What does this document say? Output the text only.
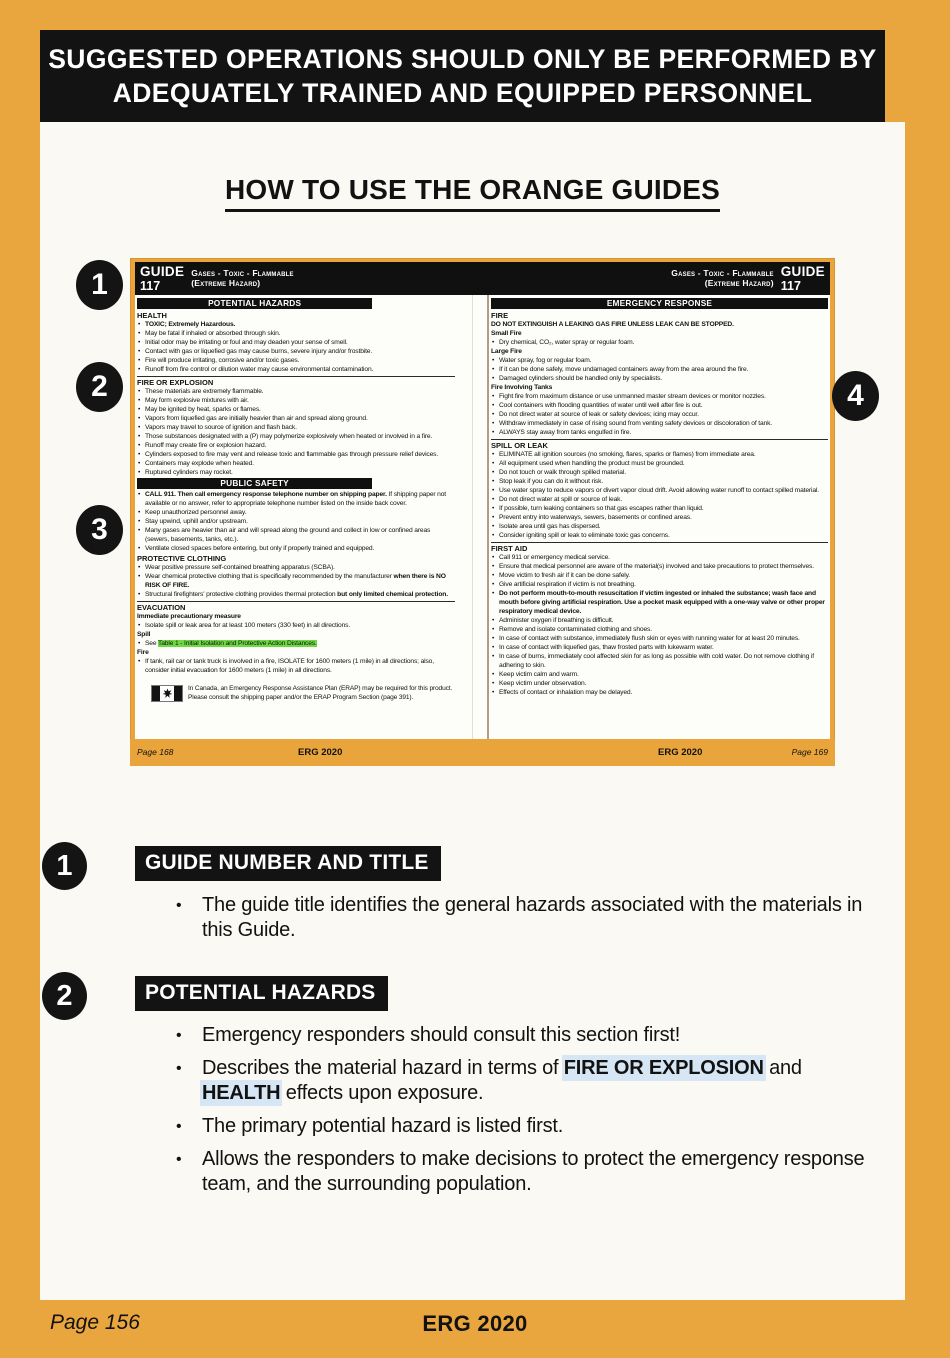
SUGGESTED OPERATIONS SHOULD ONLY BE PERFORMED BY
ADEQUATELY TRAINED AND EQUIPPED PERSONNEL
HOW TO USE THE ORANGE GUIDES
GUIDE
117
Gases - Toxic - Flammable
(Extreme Hazard)
Gases - Toxic - Flammable
(Extreme Hazard)
GUIDE
117
POTENTIAL HAZARDS
HEALTH
• TOXIC; Extremely Hazardous.
• May be fatal if inhaled or absorbed through skin.
• Initial odor may be irritating or foul and may deaden your sense of smell.
• Contact with gas or liquefied gas may cause burns, severe injury and/or frostbite.
• Fire will produce irritating, corrosive and/or toxic gases.
• Runoff from fire control or dilution water may cause environmental contamination.
FIRE OR EXPLOSION
• These materials are extremely flammable.
• May form explosive mixtures with air.
• May be ignited by heat, sparks or flames.
• Vapors from liquefied gas are initially heavier than air and spread along ground.
• Vapors may travel to source of ignition and flash back.
• Those substances designated with a (P) may polymerize explosively when heated or involved in a fire.
• Runoff may create fire or explosion hazard.
• Cylinders exposed to fire may vent and release toxic and flammable gas through pressure relief devices.
• Containers may explode when heated.
• Ruptured cylinders may rocket.
PUBLIC SAFETY
• CALL 911. Then call emergency response telephone number on shipping paper. If shipping paper not available or no answer, refer to appropriate telephone number listed on the inside back cover.
• Keep unauthorized personnel away.
• Stay upwind, uphill and/or upstream.
• Many gases are heavier than air and will spread along the ground and collect in low or confined areas (sewers, basements, tanks, etc.).
• Ventilate closed spaces before entering, but only if properly trained and equipped.
PROTECTIVE CLOTHING
• Wear positive pressure self-contained breathing apparatus (SCBA).
• Wear chemical protective clothing that is specifically recommended by the manufacturer when there is NO RISK OF FIRE.
• Structural firefighters' protective clothing provides thermal protection but only limited chemical protection.
EVACUATION
Immediate precautionary measure
• Isolate spill or leak area for at least 100 meters (330 feet) in all directions.
Spill
• See Table 1 - Initial Isolation and Protective Action Distances.
Fire
• If tank, rail car or tank truck is involved in a fire, ISOLATE for 1600 meters (1 mile) in all directions; also, consider initial evacuation for 1600 meters (1 mile) in all directions.
In Canada, an Emergency Response Assistance Plan (ERAP) may be required for this product. Please consult the shipping paper and/or the ERAP Program Section (page 391).
EMERGENCY RESPONSE
FIRE
DO NOT EXTINGUISH A LEAKING GAS FIRE UNLESS LEAK CAN BE STOPPED.
Small Fire
• Dry chemical, CO₂, water spray or regular foam.
Large Fire
• Water spray, fog or regular foam.
• If it can be done safely, move undamaged containers away from the area around the fire.
• Damaged cylinders should be handled only by specialists.
Fire Involving Tanks
• Fight fire from maximum distance or use unmanned master stream devices or monitor nozzles.
• Cool containers with flooding quantities of water until well after fire is out.
• Do not direct water at source of leak or safety devices; icing may occur.
• Withdraw immediately in case of rising sound from venting safety devices or discoloration of tank.
• ALWAYS stay away from tanks engulfed in fire.
SPILL OR LEAK
• ELIMINATE all ignition sources (no smoking, flares, sparks or flames) from immediate area.
• All equipment used when handling the product must be grounded.
• Do not touch or walk through spilled material.
• Stop leak if you can do it without risk.
• Use water spray to reduce vapors or divert vapor cloud drift. Avoid allowing water runoff to contact spilled material.
• Do not direct water at spill or source of leak.
• If possible, turn leaking containers so that gas escapes rather than liquid.
• Prevent entry into waterways, sewers, basements or confined areas.
• Isolate area until gas has dispersed.
• Consider igniting spill or leak to eliminate toxic gas concerns.
FIRST AID
• Call 911 or emergency medical service.
• Ensure that medical personnel are aware of the material(s) involved and take precautions to protect themselves.
• Move victim to fresh air if it can be done safely.
• Give artificial respiration if victim is not breathing.
• Do not perform mouth-to-mouth resuscitation if victim ingested or inhaled the substance; wash face and mouth before giving artificial respiration. Use a pocket mask equipped with a one-way valve or other proper respiratory medical device.
• Administer oxygen if breathing is difficult.
• Remove and isolate contaminated clothing and shoes.
• In case of contact with substance, immediately flush skin or eyes with running water for at least 20 minutes.
• In case of contact with liquefied gas, thaw frosted parts with lukewarm water.
• In case of burns, immediately cool affected skin for as long as possible with cold water. Do not remove clothing if adhering to skin.
• Keep victim calm and warm.
• Keep victim under observation.
• Effects of contact or inhalation may be delayed.
Page 168	ERG 2020	ERG 2020	Page 169
GUIDE NUMBER AND TITLE
• The guide title identifies the general hazards associated with the materials in this Guide.
POTENTIAL HAZARDS
• Emergency responders should consult this section first!
• Describes the material hazard in terms of FIRE OR EXPLOSION and HEALTH effects upon exposure.
• The primary potential hazard is listed first.
• Allows the responders to make decisions to protect the emergency response team, and the surrounding population.
1
2
3
4
1
2
Page 156	ERG 2020
